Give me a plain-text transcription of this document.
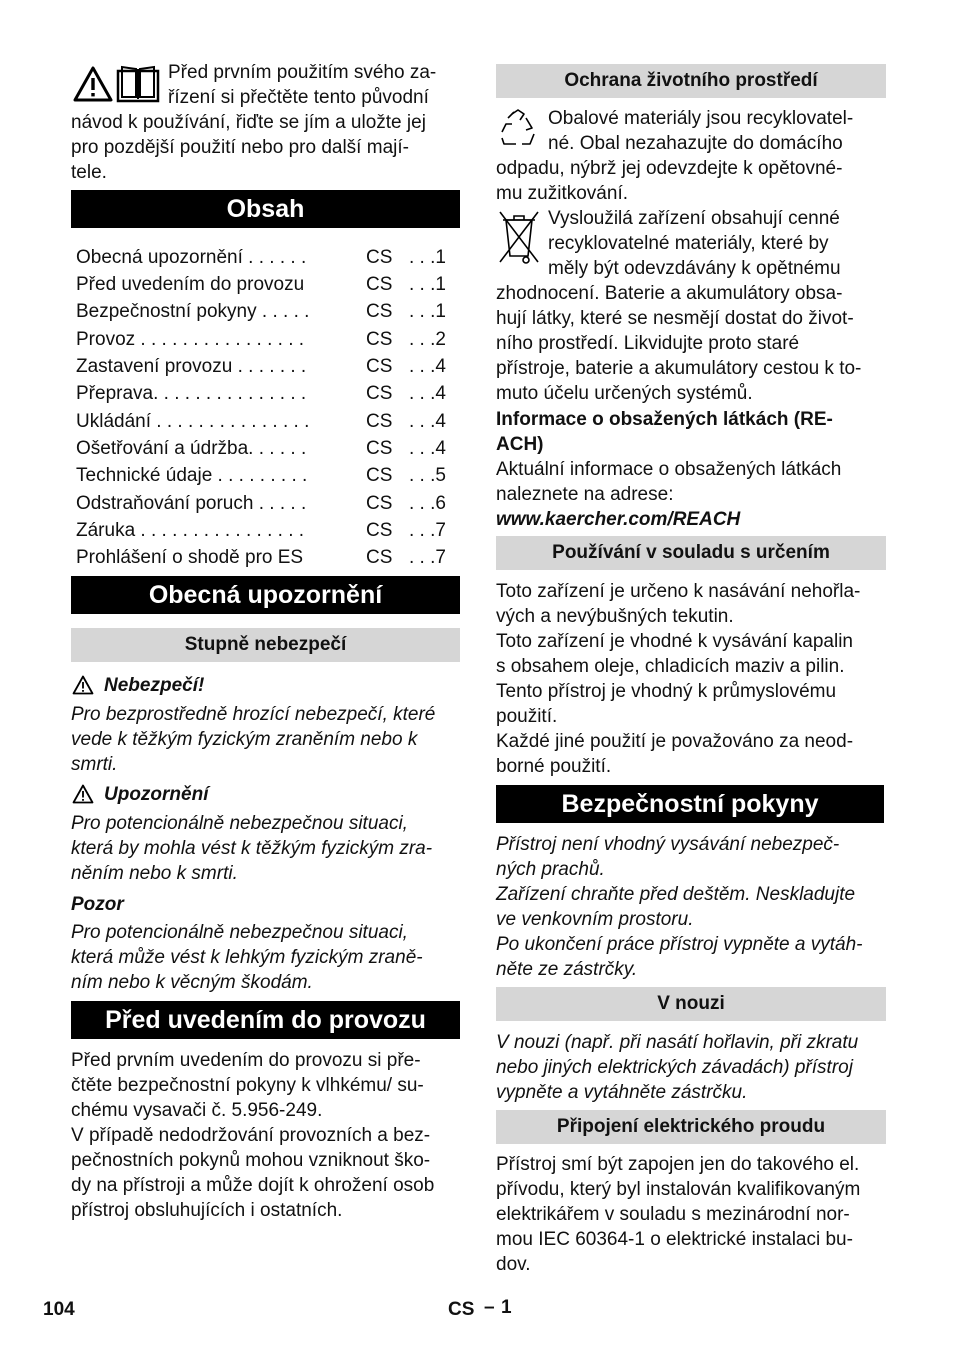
Před prvním použitím svého za-
řízení si přečtěte tento původní
návod k používání, řiďte se jím a uložte jej
pro pozdější použití nebo pro další mají-
tele.
Obsah
Obecná upozornění . . . . . .	CS . . .1
Před uvedením do provozu	CS . . .1
Bezpečnostní pokyny . . . . .	CS . . .1
Provoz . . . . . . . . . . . . . . . .	CS . . .2
Zastavení provozu . . . . . . .	CS . . .4
Přeprava. . . . . . . . . . . . . . .	CS . . .4
Ukládání . . . . . . . . . . . . . . .	CS . . .4
Ošetřování a údržba. . . . . .	CS . . .4
Technické údaje . . . . . . . . .	CS . . .5
Odstraňování poruch . . . . .	CS . . .6
Záruka . . . . . . . . . . . . . . . .	CS . . .7
Prohlášení o shodě pro ES	CS . . .7
Obecná upozornění
Stupně nebezpečí
Nebezpečí!
Pro bezprostředně hrozící nebezpečí, které
vede k těžkým fyzickým zraněním nebo k
smrti.
Upozornění
Pro potencionálně nebezpečnou situaci,
která by mohla vést k těžkým fyzickým zra-
něním nebo k smrti.
Pozor
Pro potencionálně nebezpečnou situaci,
která může vést k lehkým fyzickým zraně-
ním nebo k věcným škodám.
Před uvedením do provozu
Před prvním uvedením do provozu si pře-
čtěte bezpečnostní pokyny k vlhkému/ su-
chému vysavači č. 5.956-249.
V případě nedodržování provozních a bez-
pečnostních pokynů mohou vzniknout ško-
dy na přístroji a může dojít k ohrožení osob
přístroj obsluhujících i ostatních.
Ochrana životního prostředí
Obalové materiály jsou recyklovatel-
né. Obal nezahazujte do domácího
odpadu, nýbrž jej odevzdejte k opětovné-
mu zužitkování.
Vysloužilá zařízení obsahují cenné
recyklovatelné materiály, které by
měly být odevzdávány k opětnému
zhodnocení. Baterie a akumulátory obsa-
hují látky, které se nesmějí dostat do život-
ního prostředí. Likvidujte proto staré
přístroje, baterie a akumulátory cestou k to-
muto účelu určených systémů.
Informace o obsažených látkách (RE-
ACH)
Aktuální informace o obsažených látkách
naleznete na adrese:
www.kaercher.com/REACH
Používání v souladu s určením
Toto zařízení je určeno k nasávání nehořla-
vých a nevýbušných tekutin.
Toto zařízení je vhodné k vysávání kapalin
s obsahem oleje, chladicích maziv a pilin.
Tento přístroj je vhodný k průmyslovému
použití.
Každé jiné použití je považováno za neod-
borné použití.
Bezpečnostní pokyny
Přístroj není vhodný vysávání nebezpeč-
ných prachů.
Zařízení chraňte před deštěm. Neskladujte
ve venkovním prostoru.
Po ukončení práce přístroj vypněte a vytáh-
něte ze zástrčky.
V nouzi
V nouzi (např. při nasátí hořlavin, při zkratu
nebo jiných elektrických závadách) přístroj
vypněte a vytáhněte zástrčku.
Připojení elektrického proudu
Přístroj smí být zapojen jen do takového el.
přívodu, který byl instalován kvalifikovaným
elektrikářem v souladu s mezinárodní nor-
mou IEC 60364-1 o elektrické instalaci bu-
dov.
104	CS – 1
